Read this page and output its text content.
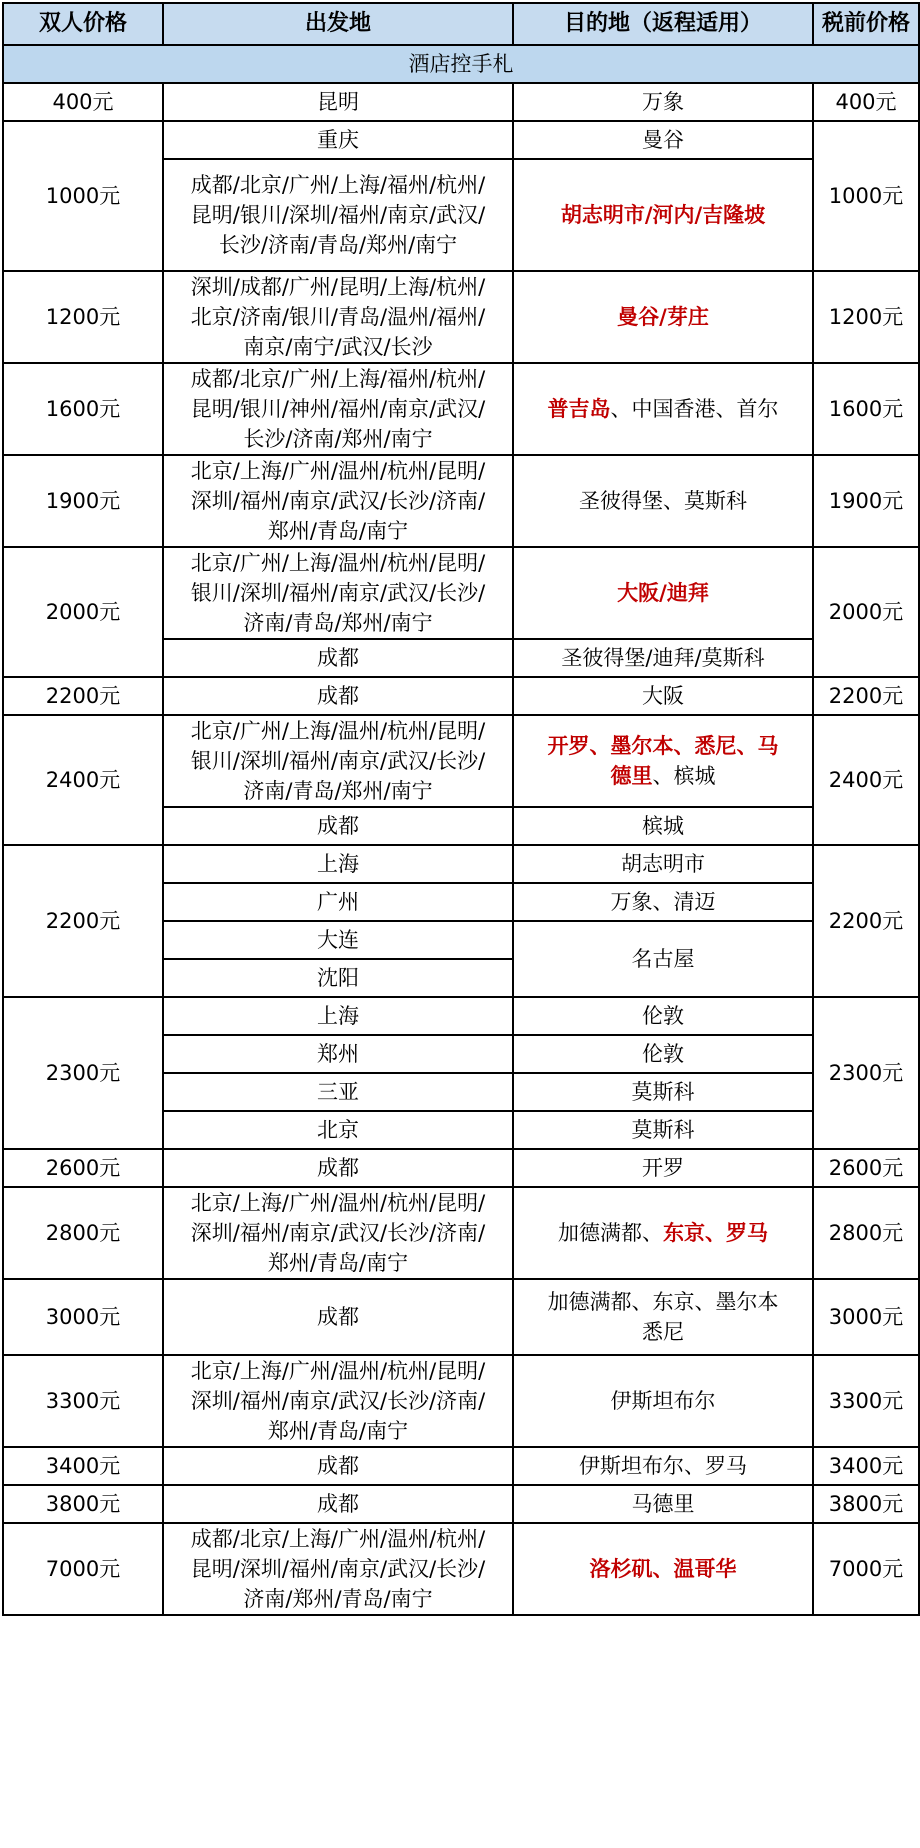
双人价格	出发地	目的地（返程适用）	税前价格
酒店控手札			
400元	昆明	万象	400元
1000元	重庆	曼谷	1000元
	成都/北京/广州/上海/福州/杭州/
昆明/银川/深圳/福州/南京/武汉/
长沙/济南/青岛/郑州/南宁	胡志明市/河内/吉隆坡	
1200元	深圳/成都/广州/昆明/上海/杭州/
北京/济南/银川/青岛/温州/福州/
南京/南宁/武汉/长沙	曼谷/芽庄	1200元
1600元	成都/北京/广州/上海/福州/杭州/
昆明/银川/神州/福州/南京/武汉/
长沙/济南/郑州/南宁	普吉岛、中国香港、首尔	1600元
1900元	北京/上海/广州/温州/杭州/昆明/
深圳/福州/南京/武汉/长沙/济南/
郑州/青岛/南宁	圣彼得堡、莫斯科	1900元
2000元	北京/广州/上海/温州/杭州/昆明/
银川/深圳/福州/南京/武汉/长沙/
济南/青岛/郑州/南宁	大阪/迪拜	2000元
	成都	圣彼得堡/迪拜/莫斯科	
2200元	成都	大阪	2200元
2400元	北京/广州/上海/温州/杭州/昆明/
银川/深圳/福州/南京/武汉/长沙/
济南/青岛/郑州/南宁	开罗、墨尔本、悉尼、马
德里、槟城	2400元
	成都	槟城	
2200元	上海	胡志明市	2200元
	广州	万象、清迈	
	大连	名古屋	
	沈阳		
2300元	上海	伦敦	2300元
	郑州	伦敦	
	三亚	莫斯科	
	北京	莫斯科	
2600元	成都	开罗	2600元
2800元	北京/上海/广州/温州/杭州/昆明/
深圳/福州/南京/武汉/长沙/济南/
郑州/青岛/南宁	加德满都、东京、罗马	2800元
3000元	成都	加德满都、东京、墨尔本
悉尼	3000元
3300元	北京/上海/广州/温州/杭州/昆明/
深圳/福州/南京/武汉/长沙/济南/
郑州/青岛/南宁	伊斯坦布尔	3300元
3400元	成都	伊斯坦布尔、罗马	3400元
3800元	成都	马德里	3800元
7000元	成都/北京/上海/广州/温州/杭州/
昆明/深圳/福州/南京/武汉/长沙/
济南/郑州/青岛/南宁	洛杉矶、温哥华	7000元
